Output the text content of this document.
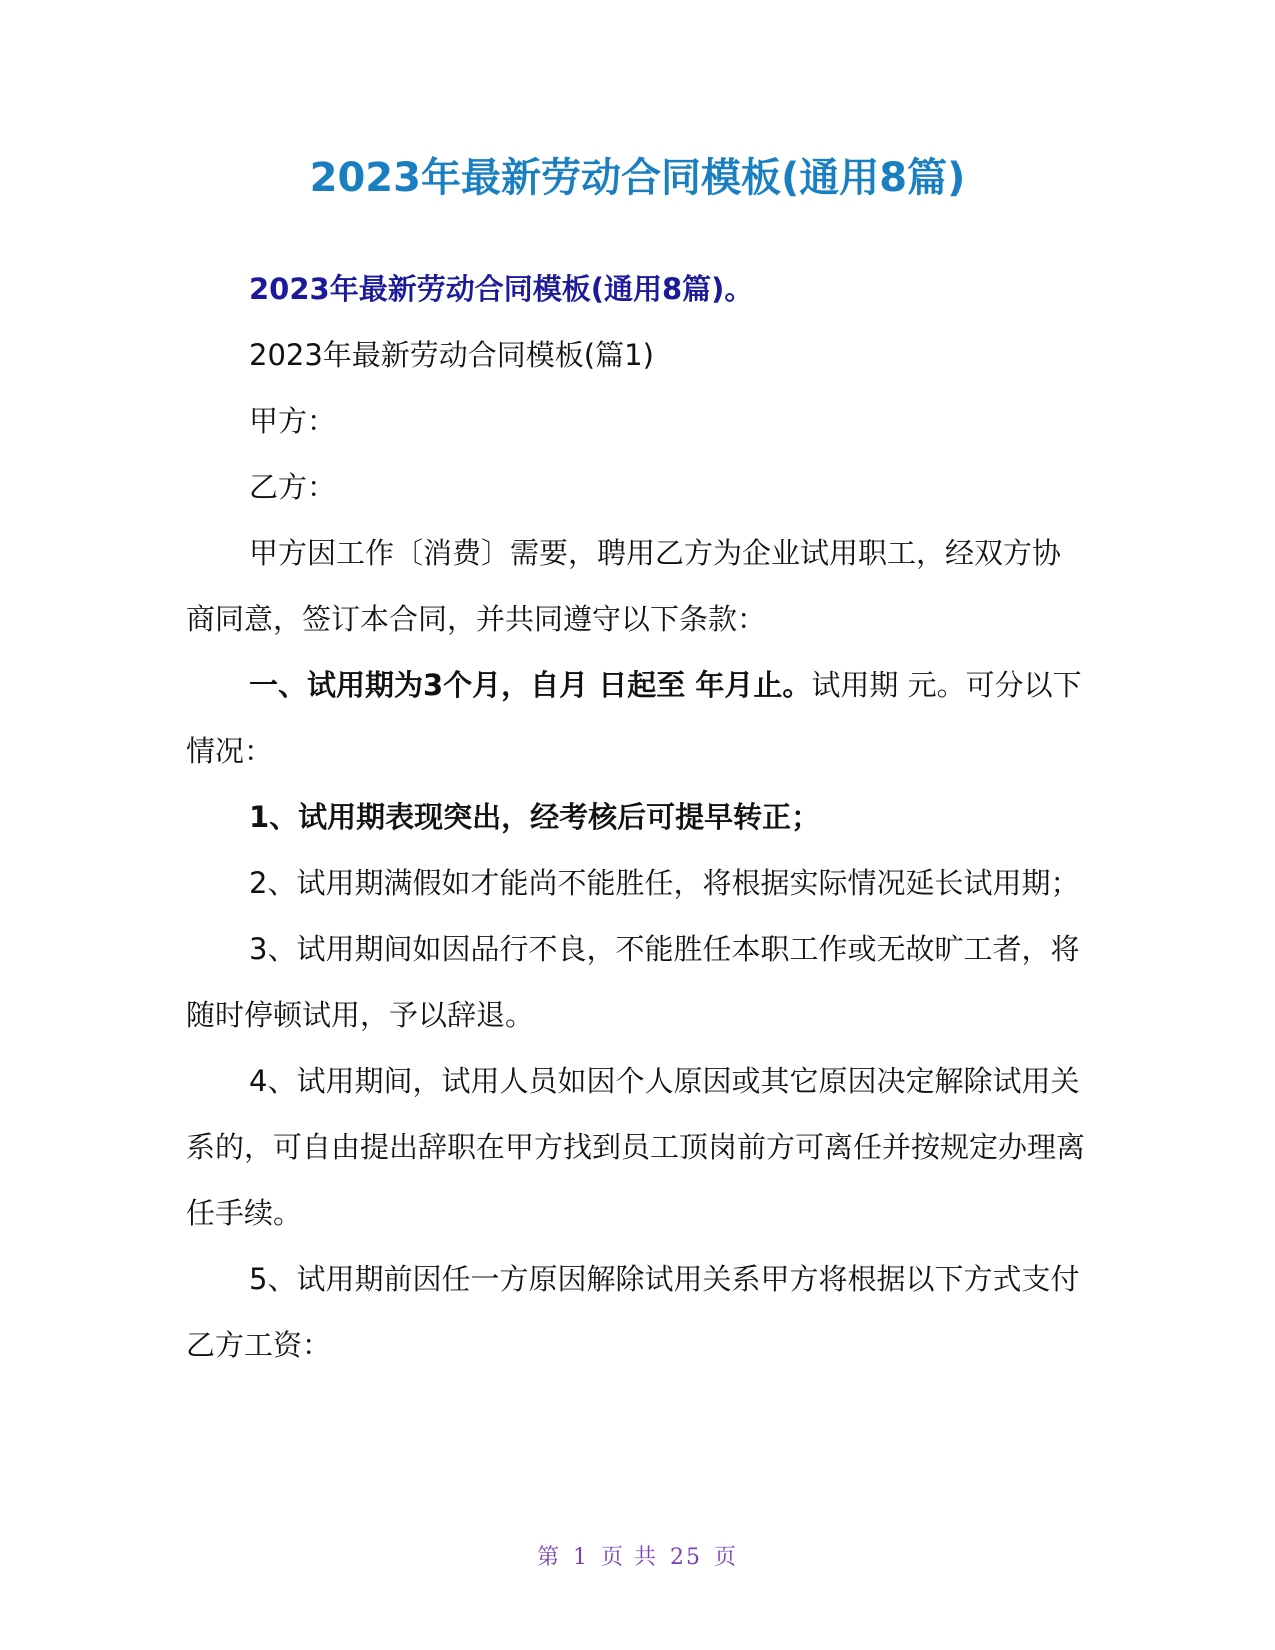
2023年最新劳动合同模板(通用8篇)

2023年最新劳动合同模板(通用8篇)。

2023年最新劳动合同模板(篇1)

甲方：

乙方：

甲方因工作〔消费〕需要，聘用乙方为企业试用职工，经双方协商同意，签订本合同，并共同遵守以下条款：

一、试用期为3个月，自月 日起至 年月止。试用期 元。可分以下情况：

1、试用期表现突出，经考核后可提早转正；

2、试用期满假如才能尚不能胜任，将根据实际情况延长试用期；

3、试用期间如因品行不良，不能胜任本职工作或无故旷工者，将随时停顿试用，予以辞退。

4、试用期间，试用人员如因个人原因或其它原因决定解除试用关系的，可自由提出辞职在甲方找到员工顶岗前方可离任并按规定办理离任手续。

5、试用期前因任一方原因解除试用关系甲方将根据以下方式支付乙方工资：

第 1 页 共 25 页
